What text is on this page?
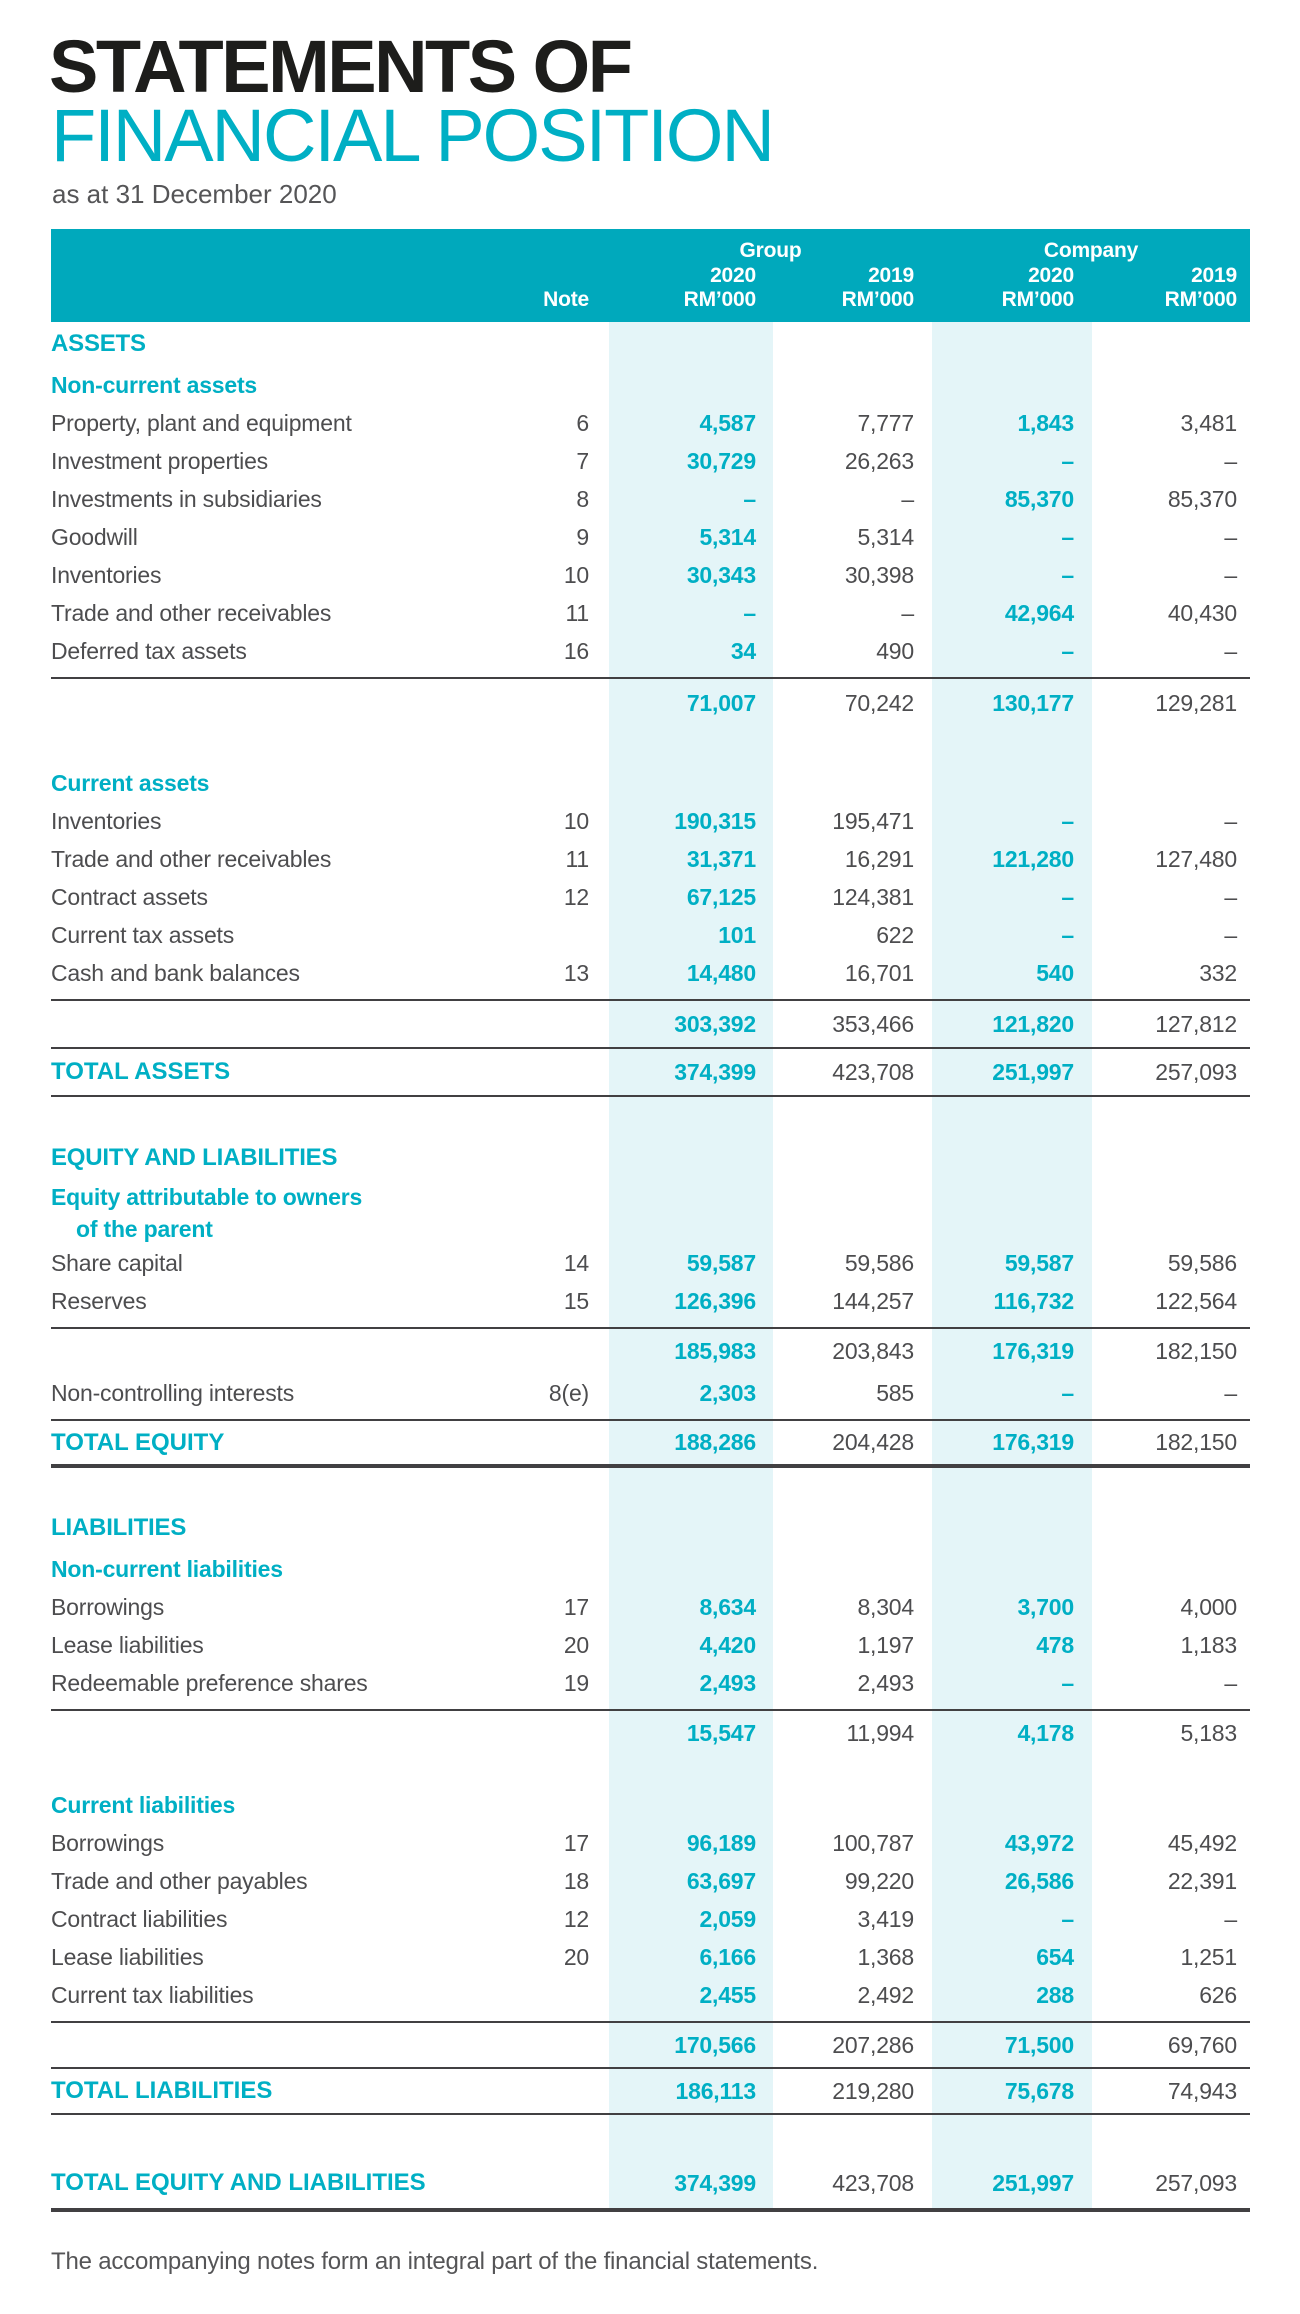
STATEMENTS OF
FINANCIAL POSITION
as at 31 December 2020
		Group		Company	
		2020	2019	2020	2019
	Note	RM’000	RM’000	RM’000	RM’000
ASSETS					
Non-current assets					
Property, plant and equipment	6	4,587	7,777	1,843	3,481
Investment properties	7	30,729	26,263	–	–
Investments in subsidiaries	8	–	–	85,370	85,370
Goodwill	9	5,314	5,314	–	–
Inventories	10	30,343	30,398	–	–
Trade and other receivables	11	–	–	42,964	40,430
Deferred tax assets	16	34	490	–	–

		71,007	70,242	130,177	129,281

Current assets					
Inventories	10	190,315	195,471	–	–
Trade and other receivables	11	31,371	16,291	121,280	127,480
Contract assets	12	67,125	124,381	–	–
Current tax assets		101	622	–	–
Cash and bank balances	13	14,480	16,701	540	332

		303,392	353,466	121,820	127,812
TOTAL ASSETS		374,399	423,708	251,997	257,093

EQUITY AND LIABILITIES					
Equity attributable to owners					
of the parent					
Share capital	14	59,587	59,586	59,587	59,586
Reserves	15	126,396	144,257	116,732	122,564

		185,983	203,843	176,319	182,150
Non-controlling interests	8(e)	2,303	585	–	–

TOTAL EQUITY		188,286	204,428	176,319	182,150

LIABILITIES					
Non-current liabilities					
Borrowings	17	8,634	8,304	3,700	4,000
Lease liabilities	20	4,420	1,197	478	1,183
Redeemable preference shares	19	2,493	2,493	–	–

		15,547	11,994	4,178	5,183

Current liabilities					
Borrowings	17	96,189	100,787	43,972	45,492
Trade and other payables	18	63,697	99,220	26,586	22,391
Contract liabilities	12	2,059	3,419	–	–
Lease liabilities	20	6,166	1,368	654	1,251
Current tax liabilities		2,455	2,492	288	626

		170,566	207,286	71,500	69,760
TOTAL LIABILITIES		186,113	219,280	75,678	74,943

TOTAL EQUITY AND LIABILITIES		374,399	423,708	251,997	257,093
The accompanying notes form an integral part of the financial statements.
